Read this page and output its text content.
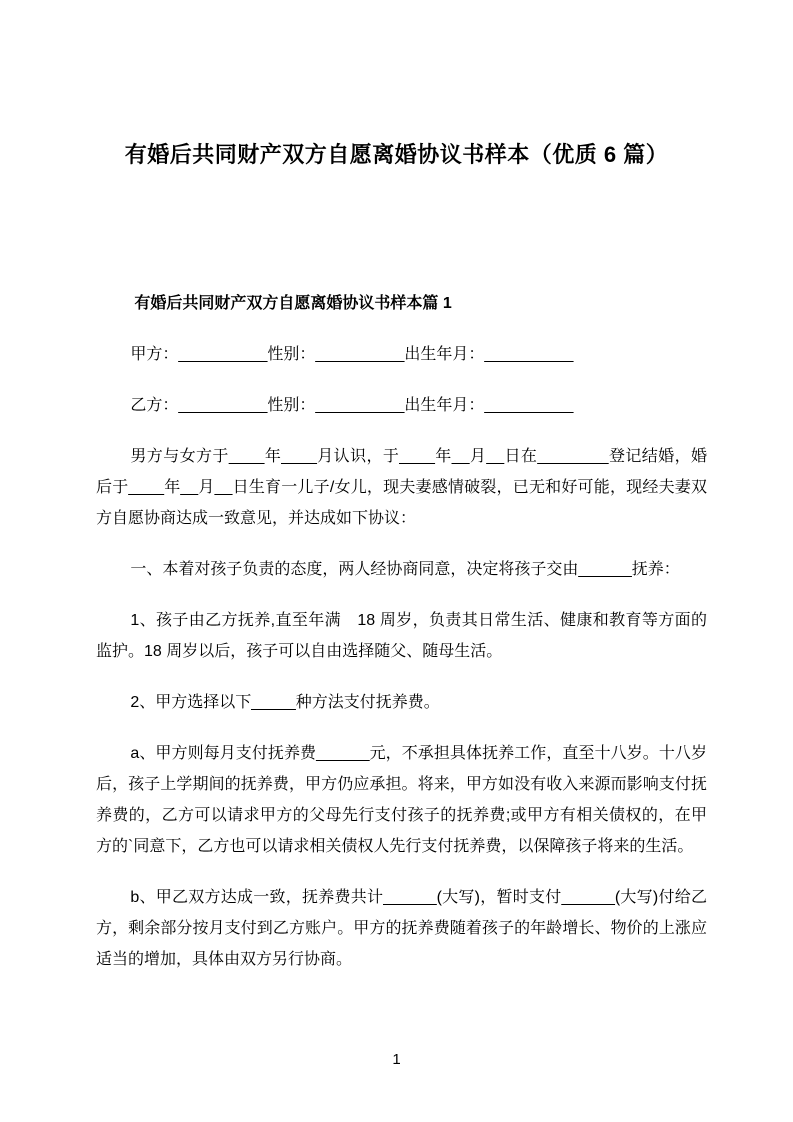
有婚后共同财产双方自愿离婚协议书样本（优质 6 篇）
有婚后共同财产双方自愿离婚协议书样本篇 1

甲方：__________性别：__________出生年月：__________

乙方：__________性别：__________出生年月：__________

男方与女方于____年____月认识，于____年__月__日在________登记结婚，婚后于____年__月__日生育一儿子/女儿，现夫妻感情破裂，已无和好可能，现经夫妻双方自愿协商达成一致意见，并达成如下协议：

一、本着对孩子负责的态度，两人经协商同意，决定将孩子交由______抚养：

1、孩子由乙方抚养,直至年满　18 周岁，负责其日常生活、健康和教育等方面的监护。18 周岁以后，孩子可以自由选择随父、随母生活。

2、甲方选择以下_____种方法支付抚养费。

a、甲方则每月支付抚养费______元，不承担具体抚养工作，直至十八岁。十八岁后，孩子上学期间的抚养费，甲方仍应承担。将来，甲方如没有收入来源而影响支付抚养费的，乙方可以请求甲方的父母先行支付孩子的抚养费;或甲方有相关债权的，在甲方的`同意下，乙方也可以请求相关债权人先行支付抚养费，以保障孩子将来的生活。

b、甲乙双方达成一致，抚养费共计______(大写)，暂时支付______(大写)付给乙方，剩余部分按月支付到乙方账户。甲方的抚养费随着孩子的年龄增长、物价的上涨应适当的增加，具体由双方另行协商。

1
